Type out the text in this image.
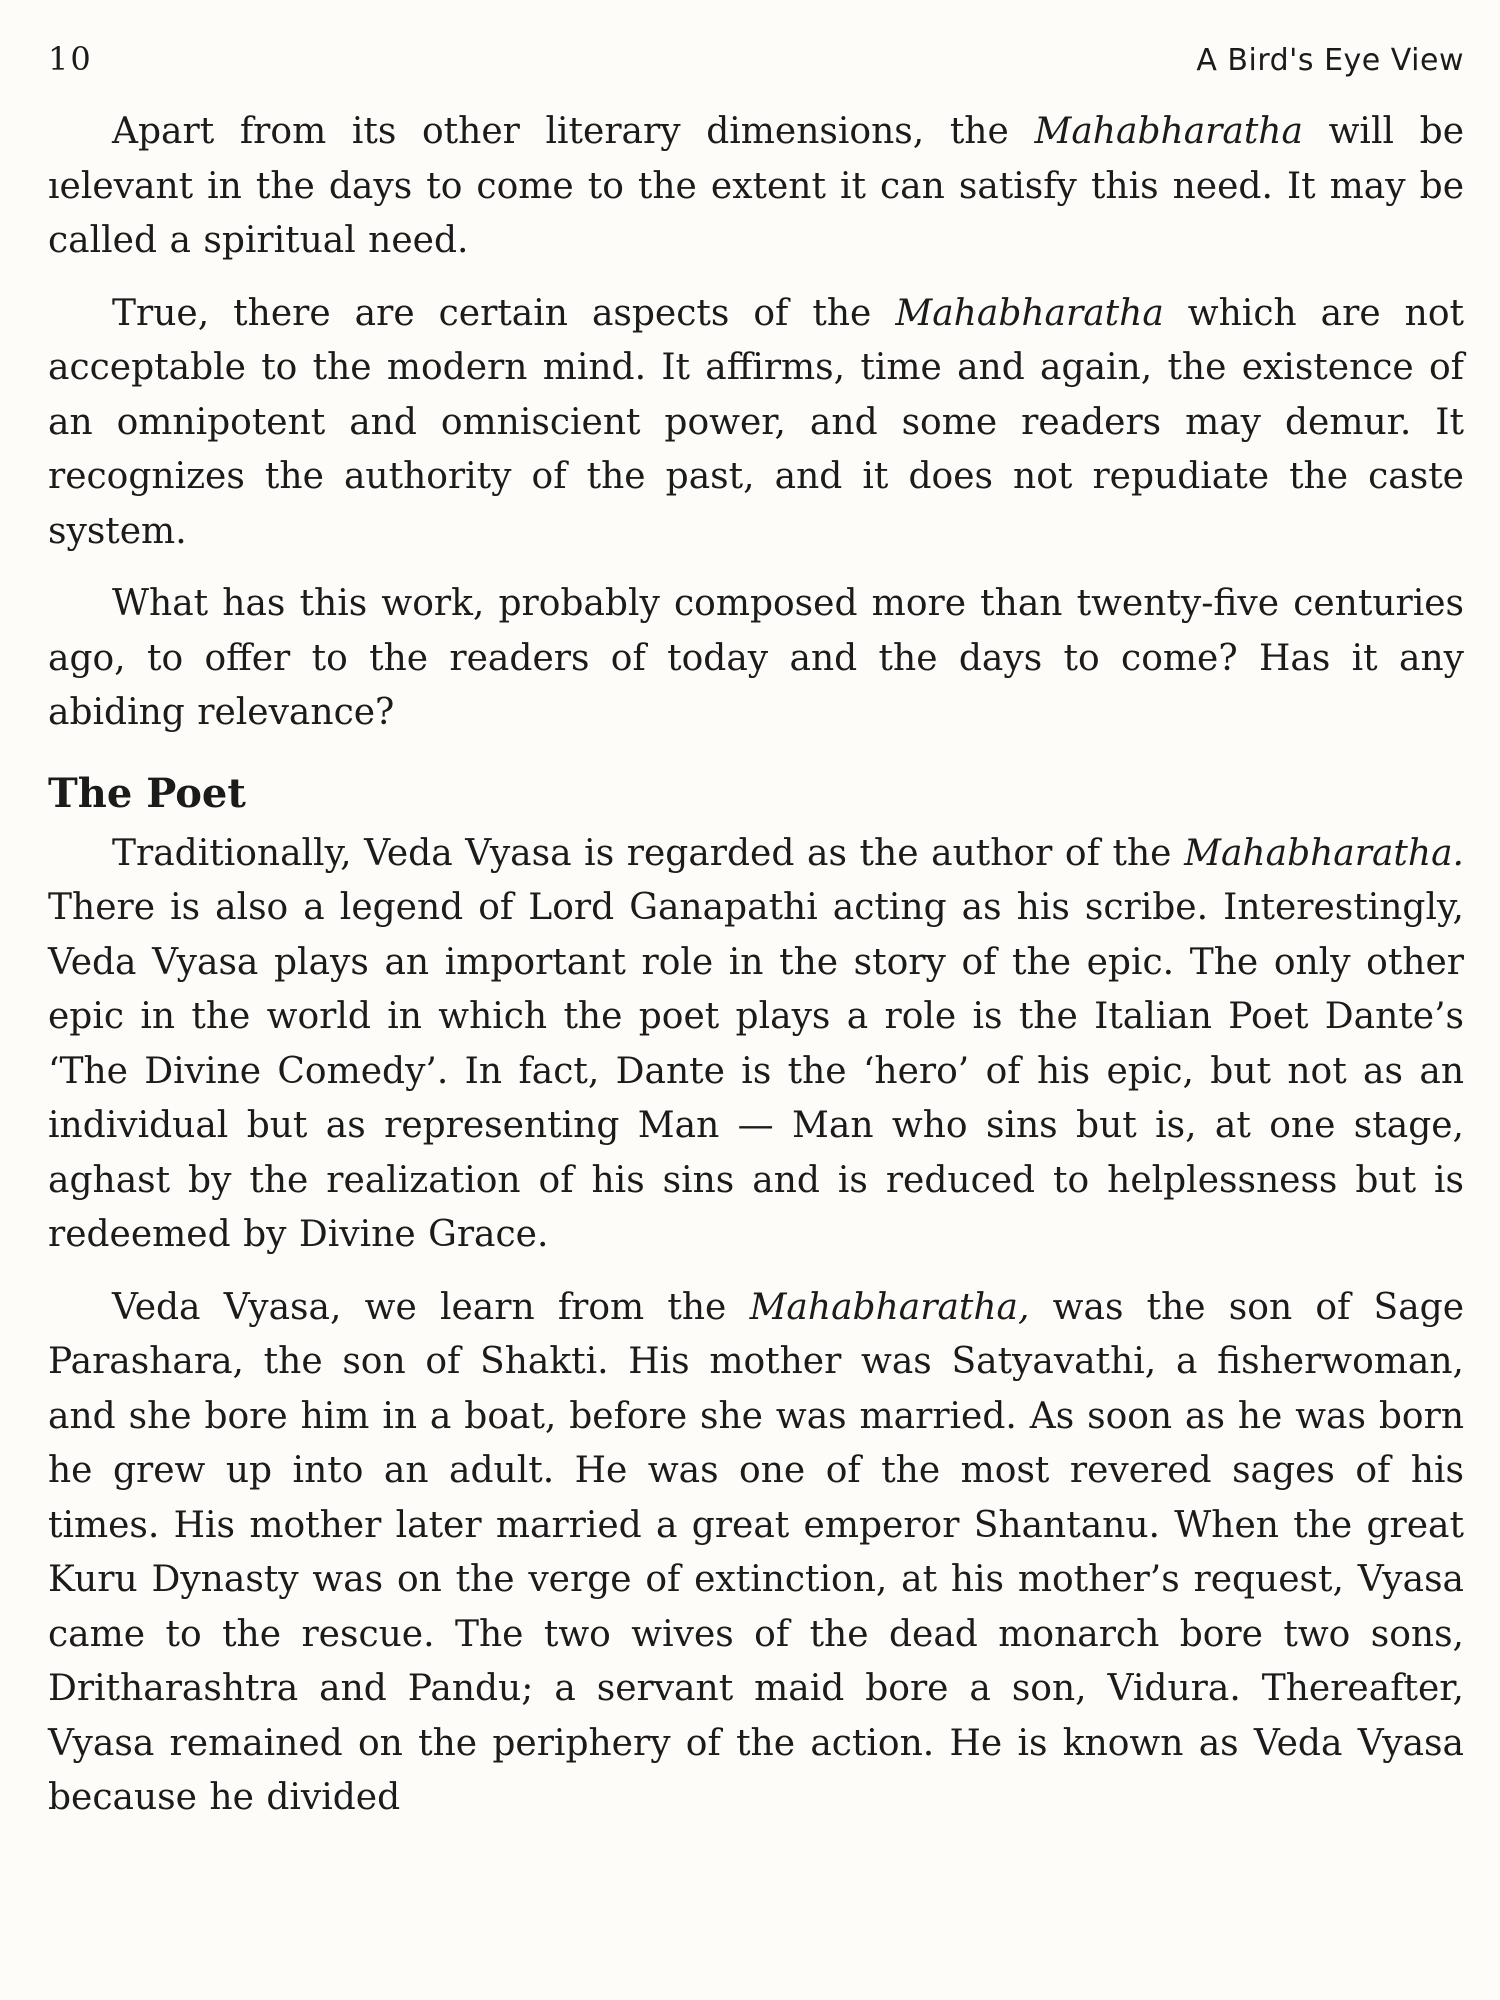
10	A Bird's Eye View

Apart from its other literary dimensions, the Mahabharatha will be ıelevant in the days to come to the extent it can satisfy this need. It may be called a spiritual need.

True, there are certain aspects of the Mahabharatha which are not acceptable to the modern mind. It affirms, time and again, the existence of an omnipotent and omniscient power, and some readers may demur. It recognizes the authority of the past, and it does not repudiate the caste system.

What has this work, probably composed more than twenty-five centuries ago, to offer to the readers of today and the days to come? Has it any abiding relevance?

The Poet

Traditionally, Veda Vyasa is regarded as the author of the Mahabharatha. There is also a legend of Lord Ganapathi acting as his scribe. Interestingly, Veda Vyasa plays an important role in the story of the epic. The only other epic in the world in which the poet plays a role is the Italian Poet Dante’s ‘The Divine Comedy’. In fact, Dante is the ‘hero’ of his epic, but not as an individual but as representing Man — Man who sins but is, at one stage, aghast by the realization of his sins and is reduced to helplessness but is redeemed by Divine Grace.

Veda Vyasa, we learn from the Mahabharatha, was the son of Sage Parashara, the son of Shakti. His mother was Satyavathi, a fisherwoman, and she bore him in a boat, before she was married. As soon as he was born he grew up into an adult. He was one of the most revered sages of his times. His mother later married a great emperor Shantanu. When the great Kuru Dynasty was on the verge of extinction, at his mother’s request, Vyasa came to the rescue. The two wives of the dead monarch bore two sons, Dritharashtra and Pandu; a servant maid bore a son, Vidura. Thereafter, Vyasa remained on the periphery of the action. He is known as Veda Vyasa because he divided
